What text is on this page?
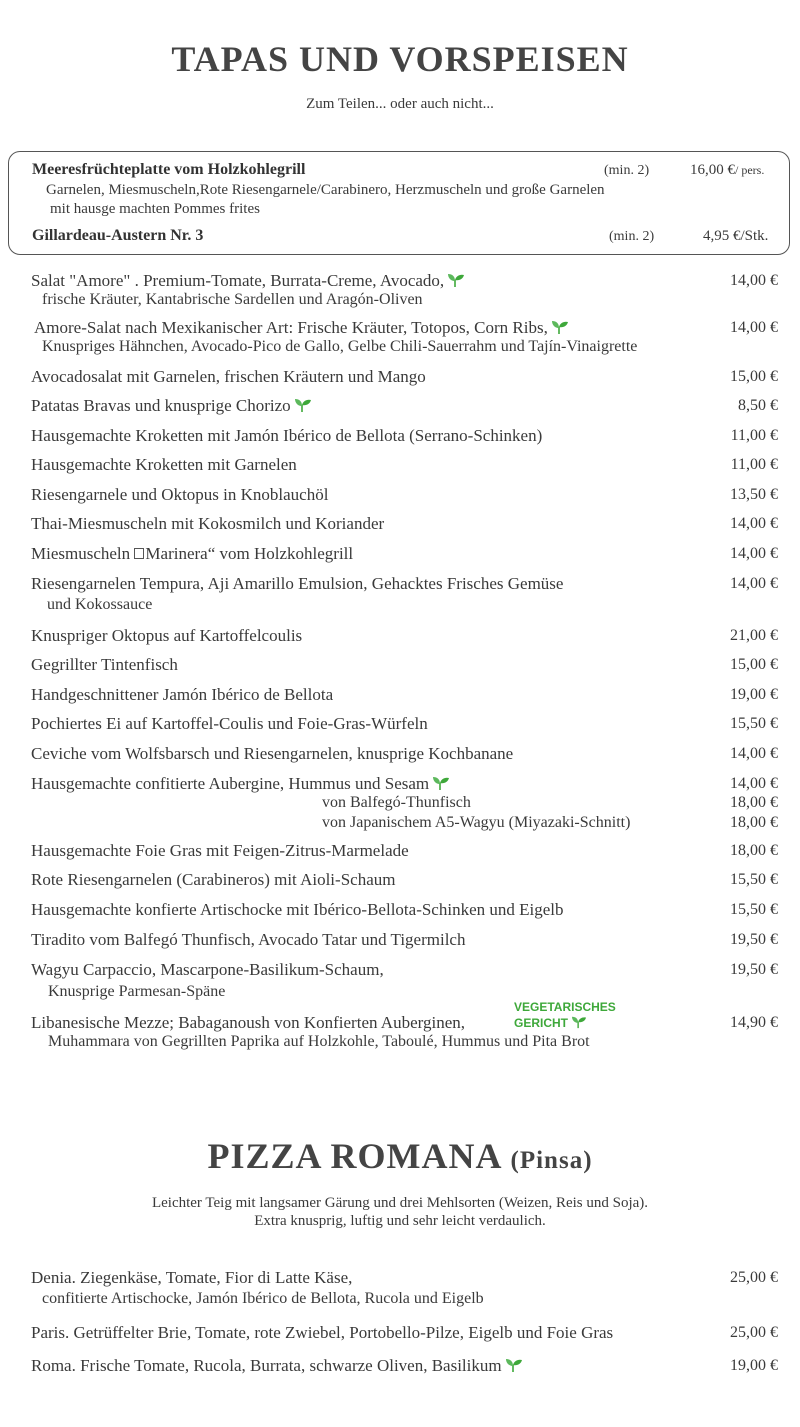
TAPAS UND VORSPEISEN
Zum Teilen... oder auch nicht...
Meeresfrüchteplatte vom Holzkohlegrill	(min. 2)	16,00 €/ pers.
Garnelen, Miesmuscheln,Rote Riesengarnele/Carabinero, Herzmuscheln und große Garnelen
mit hausge machten Pommes frites
Gillardeau-Austern Nr. 3	(min. 2)	4,95 €/Stk.
Salat "Amore" . Premium-Tomate, Burrata-Creme, Avocado,
frische Kräuter, Kantabrische Sardellen und Aragón-Oliven
14,00 €
Amore-Salat nach Mexikanischer Art: Frische Kräuter, Totopos, Corn Ribs,
Knuspriges Hähnchen, Avocado-Pico de Gallo, Gelbe Chili-Sauerrahm und Tajín-Vinaigrette
14,00 €
Avocadosalat mit Garnelen, frischen Kräutern und Mango	15,00 €
Patatas Bravas und knusprige Chorizo	8,50 €
Hausgemachte Kroketten mit Jamón Ibérico de Bellota (Serrano-Schinken)	11,00 €
Hausgemachte Kroketten mit Garnelen	11,00 €
Riesengarnele und Oktopus in Knoblauchöl	13,50 €
Thai-Miesmuscheln mit Kokosmilch und Koriander	14,00 €
Miesmuscheln Marinera“ vom Holzkohlegrill	14,00 €
Riesengarnelen Tempura, Aji Amarillo Emulsion, Gehacktes Frisches Gemüse
und Kokossauce
14,00 €
Knuspriger Oktopus auf Kartoffelcoulis	21,00 €
Gegrillter Tintenfisch	15,00 €
Handgeschnittener Jamón Ibérico de Bellota	19,00 €
Pochiertes Ei auf Kartoffel-Coulis und Foie-Gras-Würfeln	15,50 €
Ceviche vom Wolfsbarsch und Riesengarnelen, knusprige Kochbanane	14,00 €
Hausgemachte confitierte Aubergine, Hummus und Sesam	14,00 €
von Balfegó-Thunfisch	18,00 €
von Japanischem A5-Wagyu (Miyazaki-Schnitt)	18,00 €
Hausgemachte Foie Gras mit Feigen-Zitrus-Marmelade	18,00 €
Rote Riesengarnelen (Carabineros) mit Aioli-Schaum	15,50 €
Hausgemachte konfierte Artischocke mit Ibérico-Bellota-Schinken und Eigelb	15,50 €
Tiradito vom Balfegó Thunfisch, Avocado Tatar und Tigermilch	19,50 €
Wagyu Carpaccio, Mascarpone-Basilikum-Schaum,
Knusprige Parmesan-Späne
19,50 €
Libanesische Mezze; Babaganoush von Konfierten Auberginen,
VEGETARISCHES
GERICHT
Muhammara von Gegrillten Paprika auf Holzkohle, Taboulé, Hummus und Pita Brot
14,90 €
PIZZA ROMANA (Pinsa)
Leichter Teig mit langsamer Gärung und drei Mehlsorten (Weizen, Reis und Soja).
Extra knusprig, luftig und sehr leicht verdaulich.
Denia. Ziegenkäse, Tomate, Fior di Latte Käse,
confitierte Artischocke, Jamón Ibérico de Bellota, Rucola und Eigelb
25,00 €
Paris. Getrüffelter Brie, Tomate, rote Zwiebel, Portobello-Pilze, Eigelb und Foie Gras	25,00 €
Roma. Frische Tomate, Rucola, Burrata, schwarze Oliven, Basilikum	19,00 €
